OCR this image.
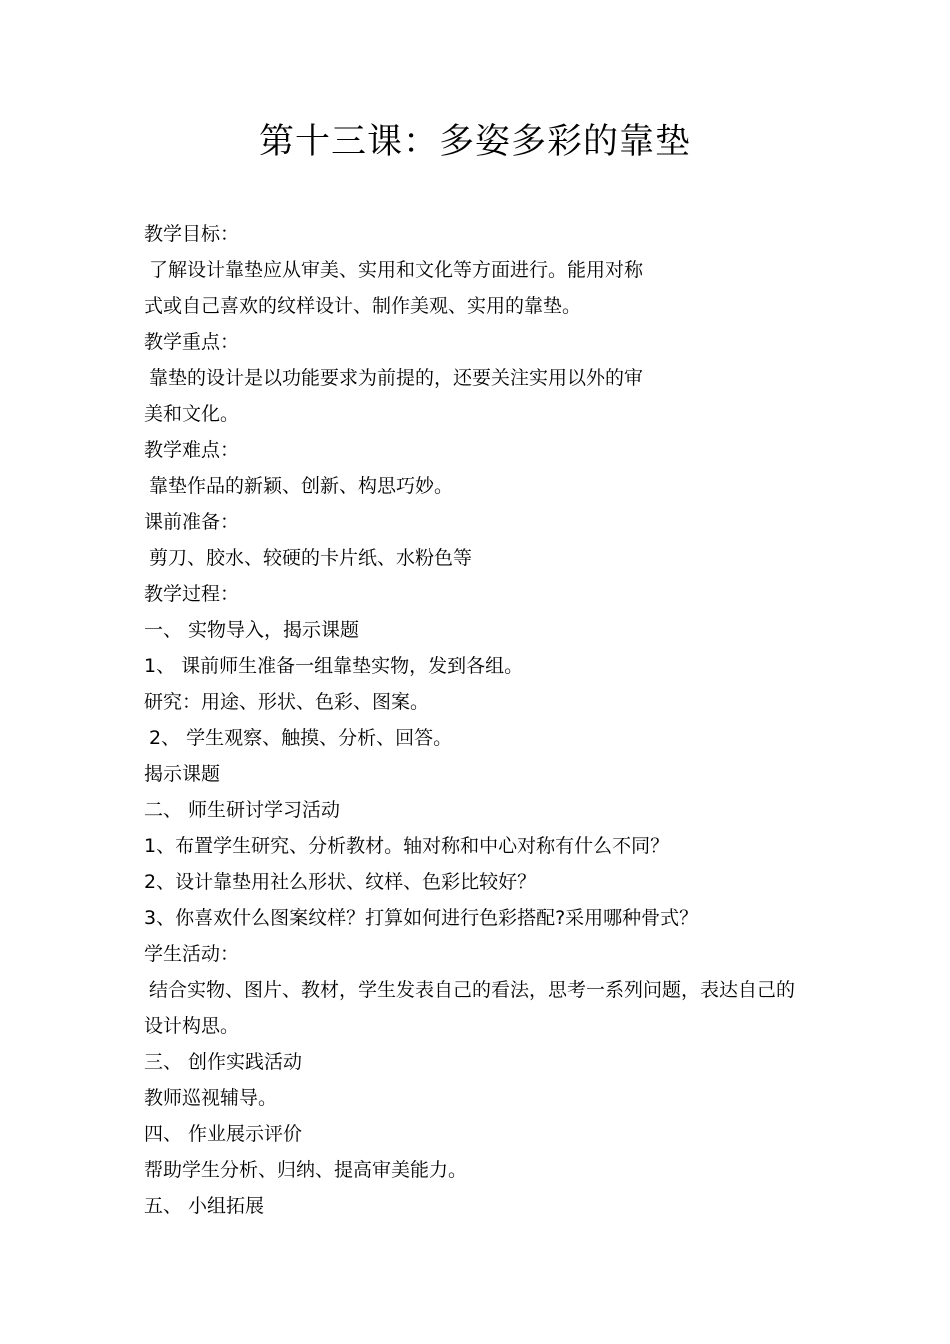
第十三课：多姿多彩的靠垫

教学目标：

了解设计靠垫应从审美、实用和文化等方面进行。能用对称

式或自己喜欢的纹样设计、制作美观、实用的靠垫。

教学重点：

靠垫的设计是以功能要求为前提的，还要关注实用以外的审

美和文化。

教学难点：

靠垫作品的新颖、创新、构思巧妙。

课前准备：

剪刀、胶水、较硬的卡片纸、水粉色等

教学过程：

一、 实物导入，揭示课题

1、 课前师生准备一组靠垫实物，发到各组。

研究：用途、形状、色彩、图案。

2、 学生观察、触摸、分析、回答。

揭示课题

二、 师生研讨学习活动

1、布置学生研究、分析教材。轴对称和中心对称有什么不同？

2、设计靠垫用社么形状、纹样、色彩比较好？

3、你喜欢什么图案纹样？打算如何进行色彩搭配?采用哪种骨式？

学生活动：

结合实物、图片、教材，学生发表自己的看法，思考一系列问题，表达自己的

设计构思。

三、 创作实践活动

教师巡视辅导。

四、 作业展示评价

帮助学生分析、归纳、提高审美能力。

五、 小组拓展
